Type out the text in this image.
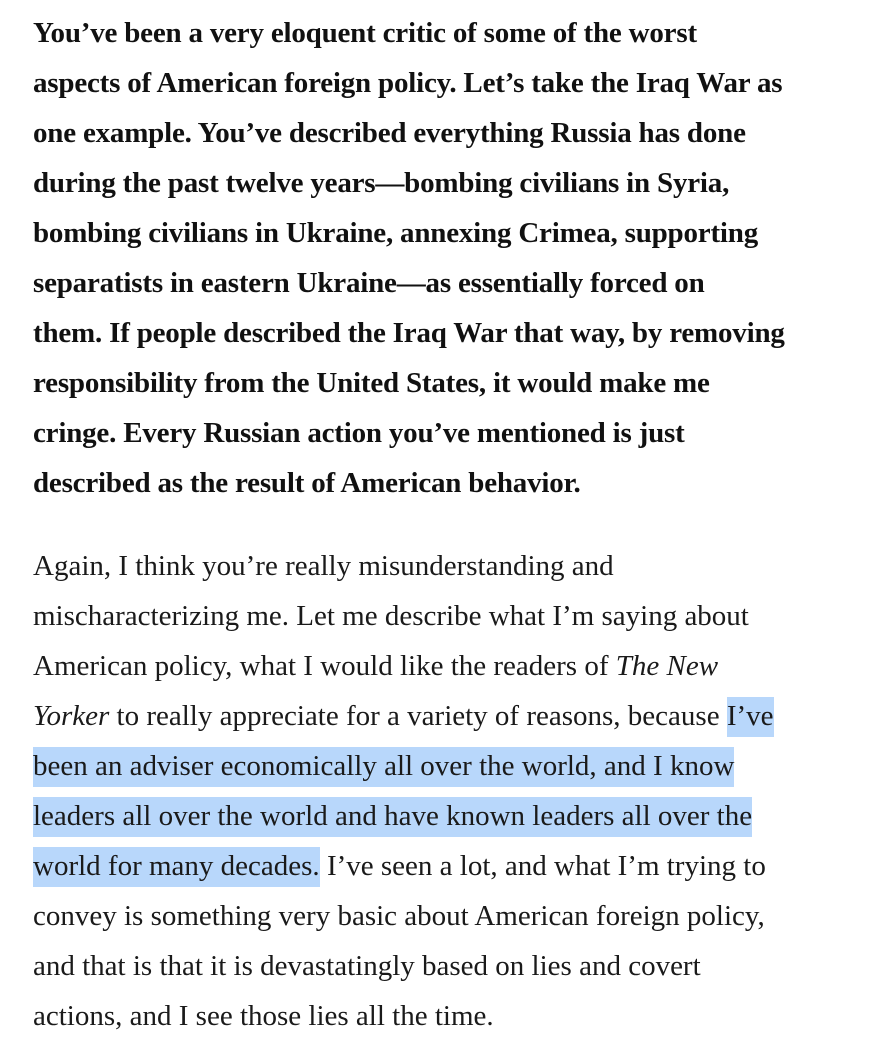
You’ve been a very eloquent critic of some of the worst
aspects of American foreign policy. Let’s take the Iraq War as
one example. You’ve described everything Russia has done
during the past twelve years—bombing civilians in Syria,
bombing civilians in Ukraine, annexing Crimea, supporting
separatists in eastern Ukraine—as essentially forced on
them. If people described the Iraq War that way, by removing
responsibility from the United States, it would make me
cringe. Every Russian action you’ve mentioned is just
described as the result of American behavior.

Again, I think you’re really misunderstanding and
mischaracterizing me. Let me describe what I’m saying about
American policy, what I would like the readers of The New
Yorker to really appreciate for a variety of reasons, because I’ve
been an adviser economically all over the world, and I know
leaders all over the world and have known leaders all over the
world for many decades. I’ve seen a lot, and what I’m trying to
convey is something very basic about American foreign policy,
and that is that it is devastatingly based on lies and covert
actions, and I see those lies all the time.
